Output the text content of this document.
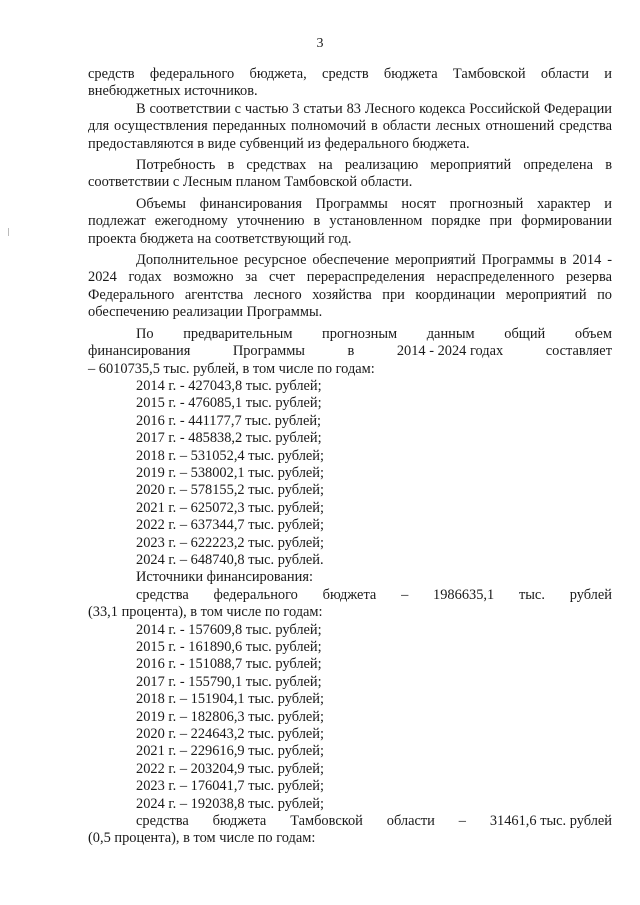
3

средств федерального бюджета, средств бюджета Тамбовской области и внебюджетных источников.

В соответствии с частью 3 статьи 83 Лесного кодекса Российской Федерации для осуществления переданных полномочий в области лесных отношений средства предоставляются в виде субвенций из федерального бюджета.

Потребность в средствах на реализацию мероприятий определена в соответствии с Лесным планом Тамбовской области.

Объемы финансирования Программы носят прогнозный характер и подлежат ежегодному уточнению в установленном порядке при формировании проекта бюджета на соответствующий год.

Дополнительное ресурсное обеспечение мероприятий Программы в 2014 - 2024 годах возможно за счет перераспределения нераспределенного резерва Федерального агентства лесного хозяйства при координации мероприятий по обеспечению реализации Программы.

По предварительным прогнозным данным общий объем
финансирования	Программы	в	2014 - 2024 годах	составляет
– 6010735,5 тыс. рублей, в том числе по годам:
2014 г. - 427043,8 тыс. рублей;
2015 г. - 476085,1 тыс. рублей;
2016 г. - 441177,7 тыс. рублей;
2017 г. - 485838,2 тыс. рублей;
2018 г. – 531052,4 тыс. рублей;
2019 г. – 538002,1 тыс. рублей;
2020 г. – 578155,2 тыс. рублей;
2021 г. – 625072,3 тыс. рублей;
2022 г. – 637344,7 тыс. рублей;
2023 г. – 622223,2 тыс. рублей;
2024 г. – 648740,8 тыс. рублей.
Источники финансирования:
средства федерального бюджета – 1986635,1 тыс. рублей
(33,1 процента), в том числе по годам:
2014 г. - 157609,8 тыс. рублей;
2015 г. - 161890,6 тыс. рублей;
2016 г. - 151088,7 тыс. рублей;
2017 г. - 155790,1 тыс. рублей;
2018 г. – 151904,1 тыс. рублей;
2019 г. – 182806,3 тыс. рублей;
2020 г. – 224643,2 тыс. рублей;
2021 г. – 229616,9 тыс. рублей;
2022 г. – 203204,9 тыс. рублей;
2023 г. – 176041,7 тыс. рублей;
2024 г. – 192038,8 тыс. рублей;
средства бюджета Тамбовской области – 31461,6 тыс. рублей
(0,5 процента), в том числе по годам:
